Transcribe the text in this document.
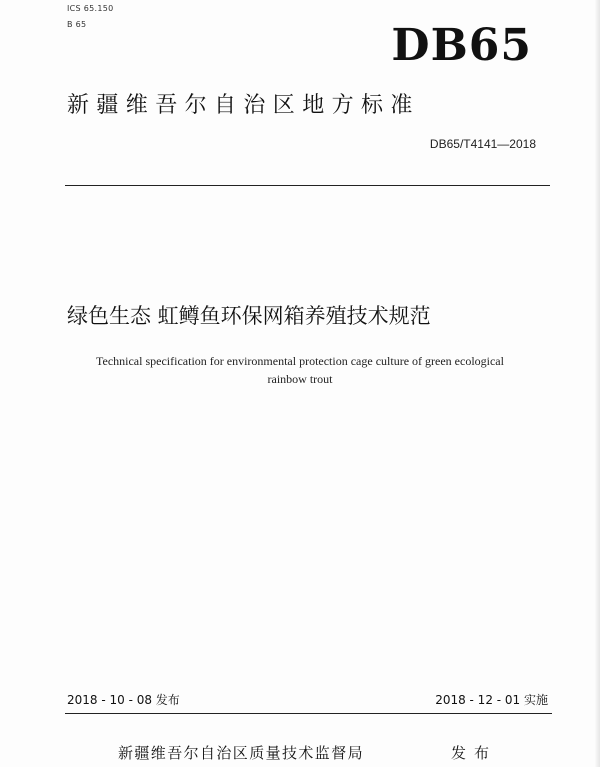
ICS 65.150
B 65	DB65
新疆维吾尔自治区地方标准
DB65/T4141—2018
绿色生态 虹鳟鱼环保网箱养殖技术规范
Technical specification for environmental protection cage culture of green ecological
rainbow trout
2018 - 10 - 08 发布	2018 - 12 - 01 实施
新疆维吾尔自治区质量技术监督局	发布
